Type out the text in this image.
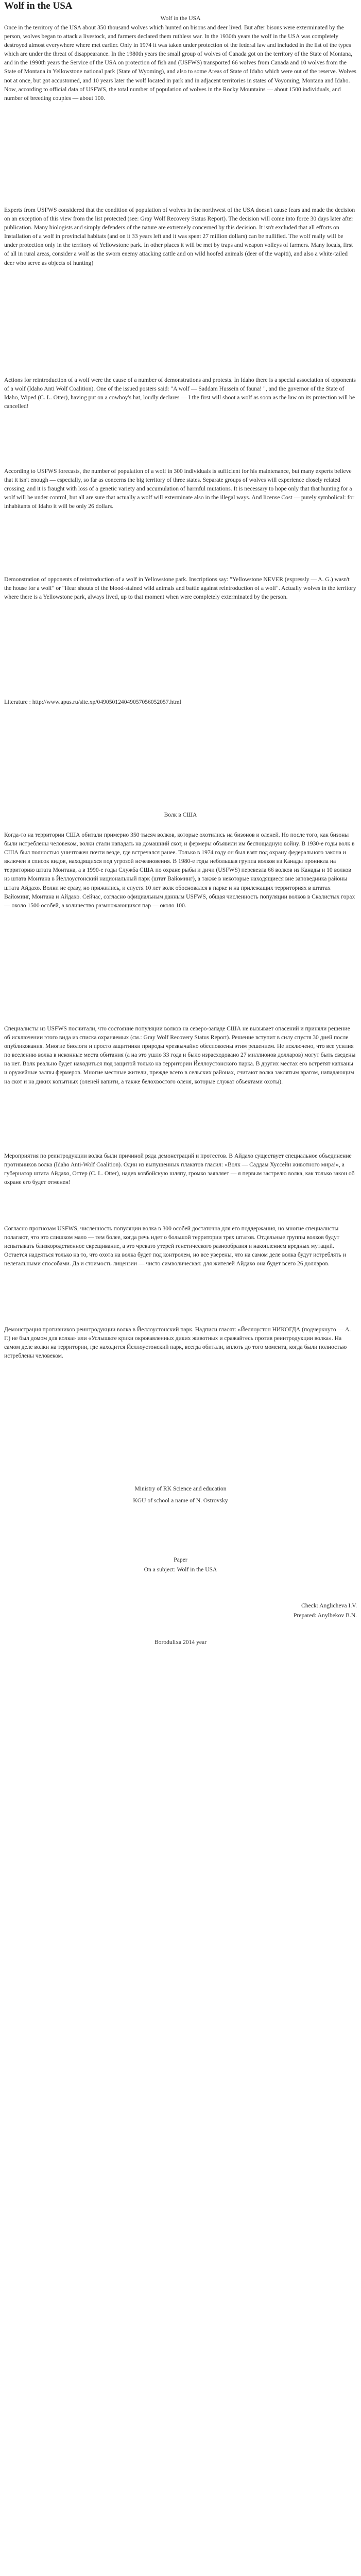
Wolf in the USA
Wolf in the USA

Once in the territory of the USA about 350 thousand wolves which hunted on bisons and deer lived. But after bisons were exterminated by the person, wolves began to attack a livestock, and farmers declared them ruthless war. In the 1930th years the wolf in the USA was completely destroyed almost everywhere where met earlier. Only in 1974 it was taken under protection of the federal law and included in the list of the types which are under the threat of disappearance. In the 1980th years the small group of wolves of Canada got on the territory of the State of Montana, and in the 1990th years the Service of the USA on protection of fish and (USFWS) transported 66 wolves from Canada and 10 wolves from the State of Montana in Yellowstone national park (State of Wyoming), and also to some Areas of State of Idaho which were out of the reserve. Wolves not at once, but got accustomed, and 10 years later the wolf located in park and in adjacent territories in states of Voyoming, Montana and Idaho. Now, according to official data of USFWS, the total number of population of wolves in the Rocky Mountains — about 1500 individuals, and number of breeding couples — about 100.

Experts from USFWS considered that the condition of population of wolves in the northwest of the USA doesn't cause fears and made the decision on an exception of this view from the list protected (see: Gray Wolf Recovery Status Report). The decision will come into force 30 days later after publication. Many biologists and simply defenders of the nature are extremely concerned by this decision. It isn't excluded that all efforts on Installation of a wolf in provincial habitats (and on it 33 years left and it was spent 27 million dollars) can be nullified. The wolf really will be under protection only in the territory of Yellowstone park. In other places it will be met by traps and weapon volleys of farmers. Many locals, first of all in rural areas, consider a wolf as the sworn enemy attacking cattle and on wild hoofed animals (deer of the wapiti), and also a white-tailed deer who serve as objects of hunting)

Actions for reintroduction of a wolf were the cause of a number of demonstrations and protests. In Idaho there is a special association of opponents of a wolf (Idaho Anti Wolf Coalition). One of the issued posters said: "A wolf — Saddam Hussein of fauna! ", and the governor of the State of Idaho, Wiped (C. L. Otter), having put on a cowboy's hat, loudly declares — I the first will shoot a wolf as soon as the law on its protection will be cancelled!

According to USFWS forecasts, the number of population of a wolf in 300 individuals is sufficient for his maintenance, but many experts believe that it isn't enough — especially, so far as concerns the big territory of three states. Separate groups of wolves will experience closely related crossing, and it is fraught with loss of a genetic variety and accumulation of harmful mutations. It is necessary to hope only that that hunting for a wolf will be under control, but all are sure that actually a wolf will exterminate also in the illegal ways. And license Cost — purely symbolical: for inhabitants of Idaho it will be only 26 dollars.

Demonstration of opponents of reintroduction of a wolf in Yellowstone park. Inscriptions say: "Yellowstone NEVER (expressly — A. G.) wasn't the house for a wolf" or "Hear shouts of the blood-stained wild animals and battle against reintroduction of a wolf". Actually wolves in the territory where there is a Yellowstone park, always lived, up to that moment when were completely exterminated by the person.

Literature : http://www.apus.ru/site.xp/049050124049057056052057.html
Волк в США

Когда-то на территории США обитали примерно 350 тысяч волков, которые охотились на бизонов и оленей. Но после того, как бизоны были истреблены человеком, волки стали нападать на домашний скот, и фермеры объявили им беспощадную войну. В 1930-е годы волк в США был полностью уничтожен почти везде, где встречался ранее. Только в 1974 году он был взят под охрану федерального закона и включен в список видов, находящихся под угрозой исчезновения. В 1980-е годы небольшая группа волков из Канады проникла на территорию штата Монтана, а в 1990-е годы Служба США по охране рыбы и дичи (USFWS) перевезла 66 волков из Канады и 10 волков из штата Монтана в Йеллоустонский национальный парк (штат Вайоминг), а также в некоторые находящиеся вне заповедника районы штата Айдахо. Волки не сразу, но прижились, и спустя 10 лет волк обосновался в парке и на прилежащих территориях в штатах Вайоминг, Монтана и Айдахо. Сейчас, согласно официальным данным USFWS, общая численность популяции волков в Скалистых горах — около 1500 особей, а количество размножающихся пар — около 100.

Специалисты из USFWS посчитали, что состояние популяции волков на северо-западе США не вызывает опасений и приняли решение об исключении этого вида из списка охраняемых (см.: Gray Wolf Recovery Status Report). Решение вступит в силу спустя 30 дней после опубликования. Многие биологи и просто защитники природы чрезвычайно обеспокоены этим решением. Не исключено, что все усилия по вселению волка в исконные места обитания (а на это ушло 33 года и было израсходовано 27 миллионов долларов) могут быть сведены на нет. Волк реально будет находиться под защитой только на территории Йеллоустонского парка. В других местах его встретят капканы и оружейные залпы фермеров. Многие местные жители, прежде всего в сельских районах, считают волка заклятым врагом, нападающим на скот и на диких копытных (оленей вапити, а также белохвостого оленя, которые служат объектами охоты).

Мероприятия по реинтродукции волка были причиной ряда демонстраций и протестов. В Айдахо существует специальное объединение противников волка (Idaho Anti-Wolf Coalition). Один из выпущенных плакатов гласил: «Волк — Саддам Хуссейн животного мира!», а губернатор штата Айдахо, Оттер (C. L. Otter), надев ковбойскую шляпу, громко заявляет — я первым застрелю волка, как только закон об охране его будет отменен!

Согласно прогнозам USFWS, численность популяции волка в 300 особей достаточна для его поддержания, но многие специалисты полагают, что это слишком мало — тем более, когда речь идет о большой территории трех штатов. Отдельные группы волков будут испытывать близкородственное скрещивание, а это чревато утерей генетического разнообразия и накоплением вредных мутаций. Остается надеяться только на то, что охота на волка будет под контролем, но все уверены, что на самом деле волка будут истреблять и нелегальными способами. Да и стоимость лицензии — чисто символическая: для жителей Айдахо она будет всего 26 долларов.

Демонстрация противников реинтродукции волка в Йеллоустонский парк. Надписи гласят: «Йеллоустон НИКОГДА (подчеркнуто — А. Г.) не был домом для волка» или «Услышьте крики окровавленных диких животных и сражайтесь против реинтродукции волка». На самом деле волки на территории, где находится Йеллоустонский парк, всегда обитали, вплоть до того момента, когда были полностью истреблены человеком.

Ministry of RK Science and education
KGU of school a name of N. Ostrovsky
Paper
On a subject: Wolf in the USA
Check: Anglicheva I.V.
Prepared: Anylbekov B.N.
Borodulixa 2014 year
